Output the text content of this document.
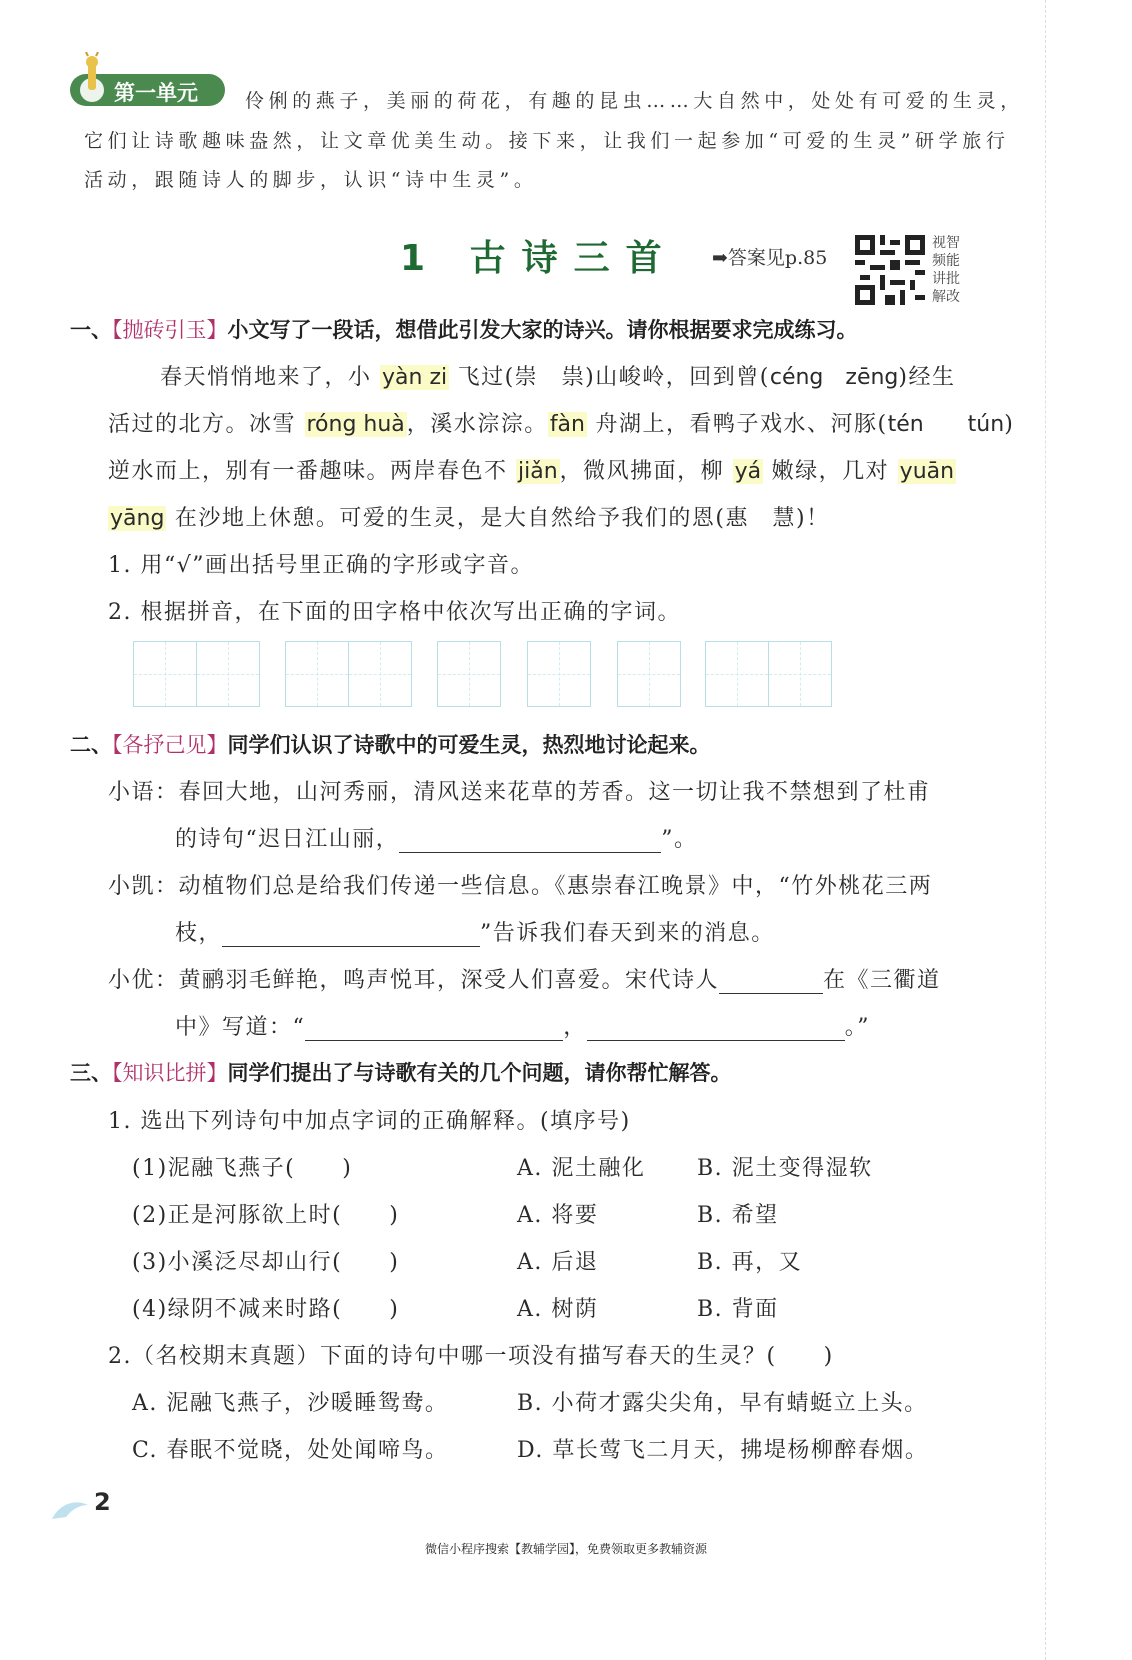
第一单元 伶俐的燕子，美丽的荷花，有趣的昆虫……大自然中，处处有可爱的生灵，
它们让诗歌趣味盎然，让文章优美生动。接下来，让我们一起参加“可爱的生灵”研学旅行
活动，跟随诗人的脚步，认识“诗中生灵”。
1 古诗三首 ➡答案见p.85
视智频能讲批解改
一、【抛砖引玉】小文写了一段话，想借此引发大家的诗兴。请你根据要求完成练习。
春天悄悄地来了，小 yàn zi 飞过(崇　祟)山峻岭，回到曾(céng　zēng)经生
活过的北方。冰雪 róng huà，溪水淙淙。fàn 舟湖上，看鸭子戏水、河豚(tén　　tún)
逆水而上，别有一番趣味。两岸春色不 jiǎn，微风拂面，柳 yá 嫩绿，几对 yuān
yāng 在沙地上休憩。可爱的生灵，是大自然给予我们的恩(惠　慧)！
1. 用“√”画出括号里正确的字形或字音。
2. 根据拼音，在下面的田字格中依次写出正确的字词。
二、【各抒己见】同学们认识了诗歌中的可爱生灵，热烈地讨论起来。
小语：春回大地，山河秀丽，清风送来花草的芳香。这一切让我不禁想到了杜甫
的诗句“迟日江山丽，	”。
小凯：动植物们总是给我们传递一些信息。《惠崇春江晚景》中，“竹外桃花三两
枝，	”告诉我们春天到来的消息。
小优：黄鹂羽毛鲜艳，鸣声悦耳，深受人们喜爱。宋代诗人	在《三衢道
中》写道：“	，	。”
三、【知识比拼】同学们提出了与诗歌有关的几个问题，请你帮忙解答。
1. 选出下列诗句中加点字词的正确解释。(填序号)
(1)泥融飞燕子(　　)	A. 泥土融化 B. 泥土变得湿软
(2)正是河豚欲上时(　　)	A. 将要	B. 希望
(3)小溪泛尽却山行(　　)	A. 后退	B. 再，又
(4)绿阴不减来时路(　　)	A. 树荫	B. 背面
2.（名校期末真题）下面的诗句中哪一项没有描写春天的生灵？(　　)
A. 泥融飞燕子，沙暖睡鸳鸯。	B. 小荷才露尖尖角，早有蜻蜓立上头。
C. 春眠不觉晓，处处闻啼鸟。	D. 草长莺飞二月天，拂堤杨柳醉春烟。
2
微信小程序搜索【教辅学园】，免费领取更多教辅资源
